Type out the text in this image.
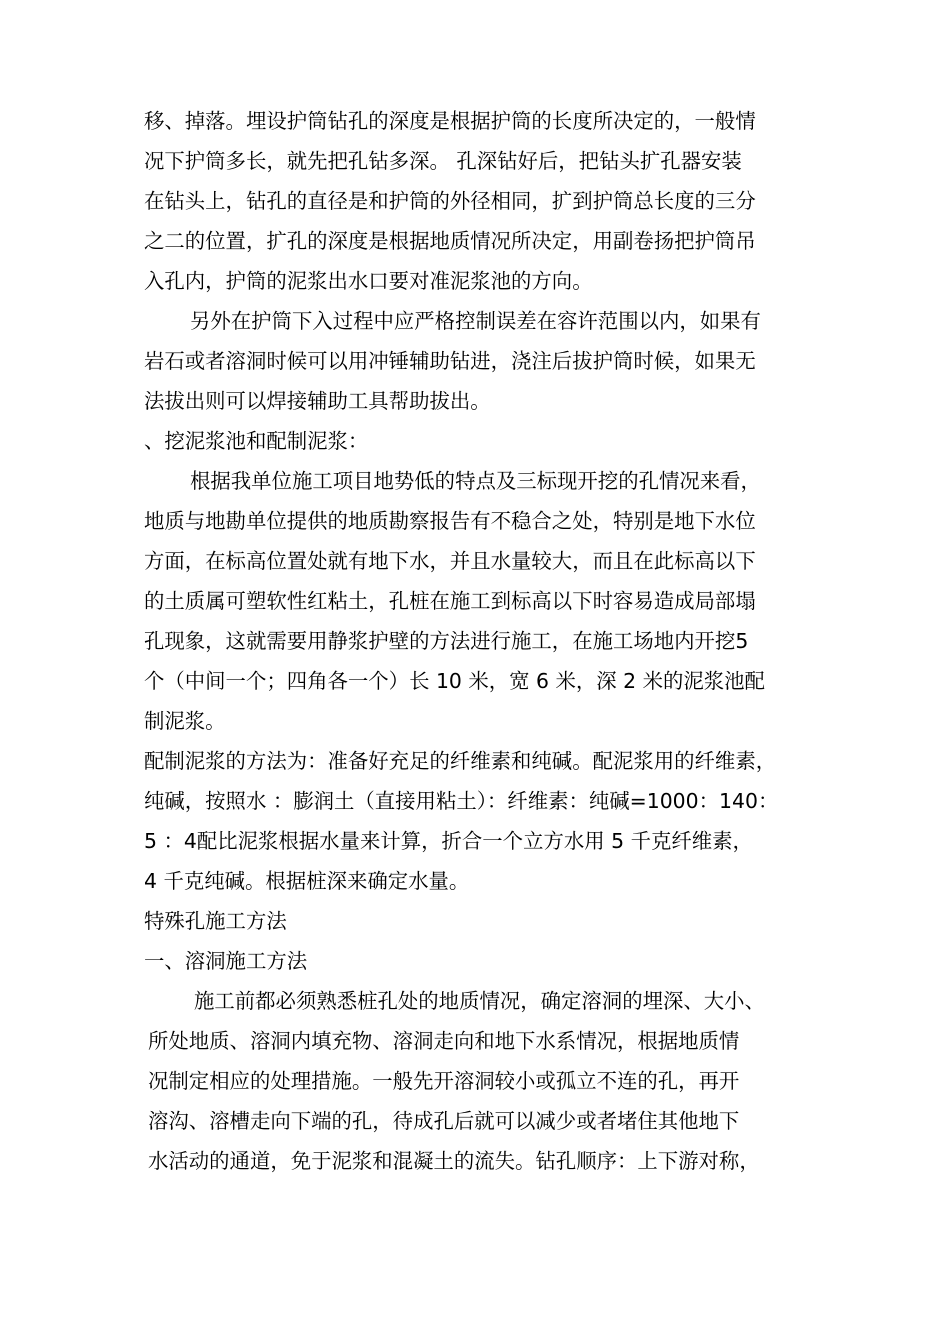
移、掉落。埋设护筒钻孔的深度是根据护筒的长度所决定的，一般情
况下护筒多长，就先把孔钻多深。 孔深钻好后，把钻头扩孔器安装
在钻头上，钻孔的直径是和护筒的外径相同，扩到护筒总长度的三分
之二的位置，扩孔的深度是根据地质情况所决定，用副卷扬把护筒吊
入孔内，护筒的泥浆出水口要对准泥浆池的方向。
另外在护筒下入过程中应严格控制误差在容许范围以内，如果有
岩石或者溶洞时候可以用冲锤辅助钻进，浇注后拔护筒时候，如果无
法拔出则可以焊接辅助工具帮助拔出。
、挖泥浆池和配制泥浆：
根据我单位施工项目地势低的特点及三标现开挖的孔情况来看，
地质与地勘单位提供的地质勘察报告有不稳合之处，特别是地下水位
方面，在标高位置处就有地下水，并且水量较大，而且在此标高以下
的土质属可塑软性红粘土，孔桩在施工到标高以下时容易造成局部塌
孔现象，这就需要用静浆护壁的方法进行施工，在施工场地内开挖5
个（中间一个；四角各一个）长 10 米，宽 6 米，深 2 米的泥浆池配
制泥浆。
配制泥浆的方法为：准备好充足的纤维素和纯碱。配泥浆用的纤维素，
纯碱，按照水 ：膨润土（直接用粘土）：纤维素：纯碱=1000：140：
5 ：4配比泥浆根据水量来计算，折合一个立方水用 5 千克纤维素，
4 千克纯碱。根据桩深来确定水量。
特殊孔施工方法
一、溶洞施工方法
施工前都必须熟悉桩孔处的地质情况，确定溶洞的埋深、大小、
所处地质、溶洞内填充物、溶洞走向和地下水系情况，根据地质情
况制定相应的处理措施。一般先开溶洞较小或孤立不连的孔，再开
溶沟、溶槽走向下端的孔，待成孔后就可以减少或者堵住其他地下
水活动的通道，免于泥浆和混凝土的流失。钻孔顺序：上下游对称，
